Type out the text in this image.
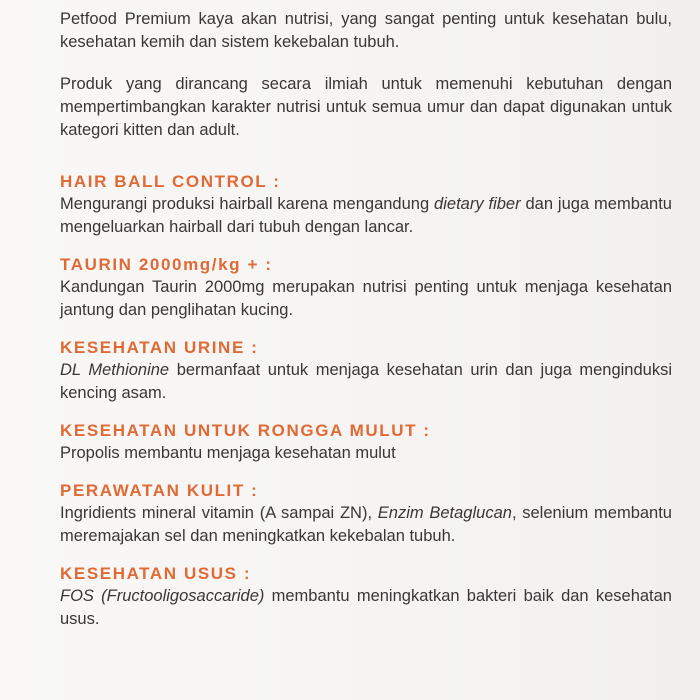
Petfood Premium kaya akan nutrisi, yang sangat penting untuk kesehatan bulu, kesehatan kemih dan sistem kekebalan tubuh.

Produk yang dirancang secara ilmiah untuk memenuhi kebutuhan dengan mempertimbangkan karakter nutrisi untuk semua umur dan dapat digunakan untuk kategori kitten dan adult.

HAIR BALL CONTROL :

Mengurangi produksi hairball karena mengandung dietary fiber dan juga membantu mengeluarkan hairball dari tubuh dengan lancar.

TAURIN 2000mg/kg + :

Kandungan Taurin 2000mg merupakan nutrisi penting untuk menjaga kesehatan jantung dan penglihatan kucing.

KESEHATAN URINE :

DL Methionine bermanfaat untuk menjaga kesehatan urin dan juga menginduksi kencing asam.

KESEHATAN UNTUK RONGGA MULUT :

Propolis membantu menjaga kesehatan mulut

PERAWATAN KULIT :

Ingridients mineral vitamin (A sampai ZN), Enzim Betaglucan, selenium membantu meremajakan sel dan meningkatkan kekebalan tubuh.

KESEHATAN USUS :

FOS (Fructooligosaccaride) membantu meningkatkan bakteri baik dan kesehatan usus.
